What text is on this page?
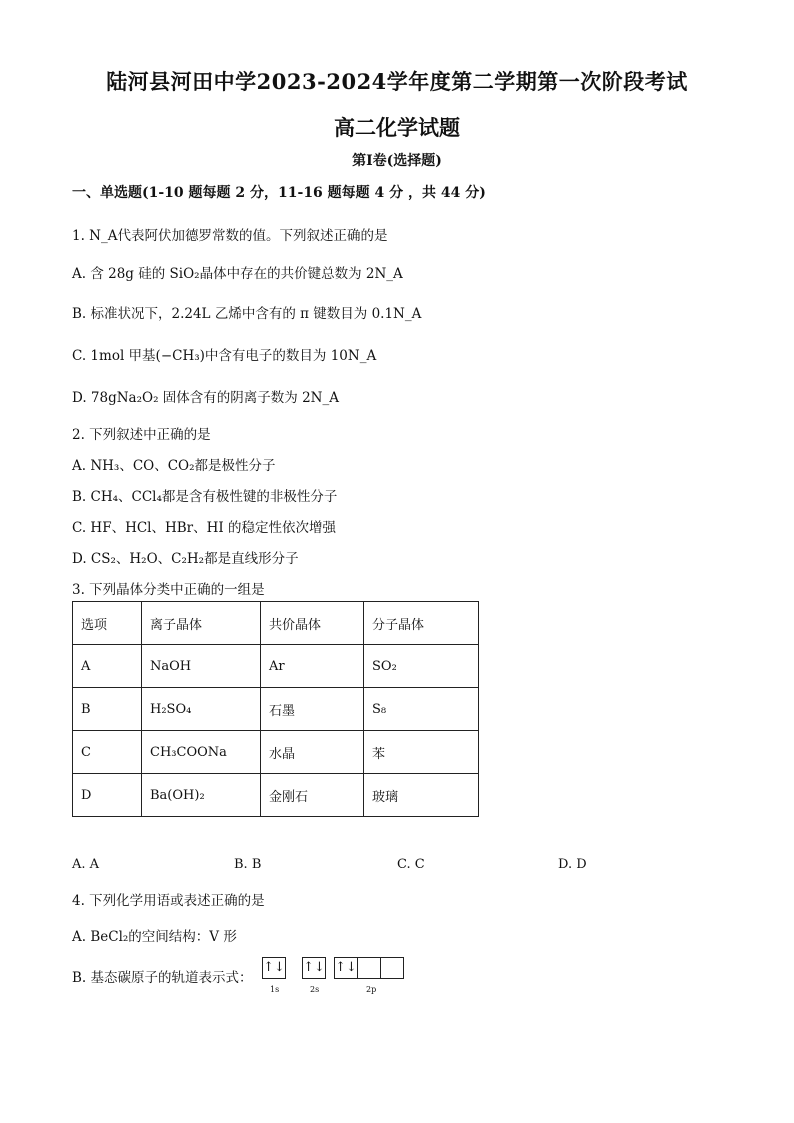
陆河县河田中学2023-2024学年度第二学期第一次阶段考试
高二化学试题
第Ⅰ卷(选择题)
一、单选题(1-10 题每题 2 分，11-16 题每题 4 分 ，共 44 分)
1. N_A代表阿伏加德罗常数的值。下列叙述正确的是
A. 含 28g 硅的 SiO₂晶体中存在的共价键总数为 2N_A
B. 标准状况下，2.24L 乙烯中含有的 π 键数目为 0.1N_A
C. 1mol 甲基(−CH₃)中含有电子的数目为 10N_A
D. 78gNa₂O₂ 固体含有的阴离子数为 2N_A
2. 下列叙述中正确的是
A. NH₃、CO、CO₂都是极性分子
B. CH₄、CCl₄都是含有极性键的非极性分子
C. HF、HCl、HBr、HI 的稳定性依次增强
D. CS₂、H₂O、C₂H₂都是直线形分子
3. 下列晶体分类中正确的一组是
选项	离子晶体	共价晶体	分子晶体
A	NaOH	Ar	SO₂
B	H₂SO₄	石墨	S₈
C	CH₃COONa	水晶	苯
D	Ba(OH)₂	金刚石	玻璃
A. A	B. B	C. C	D. D
4. 下列化学用语或表述正确的是
A. BeCl₂的空间结构：V 形
B. 基态碳原子的轨道表示式：
↑↓ ↑↓ ↑↓
1s	2s	2p
